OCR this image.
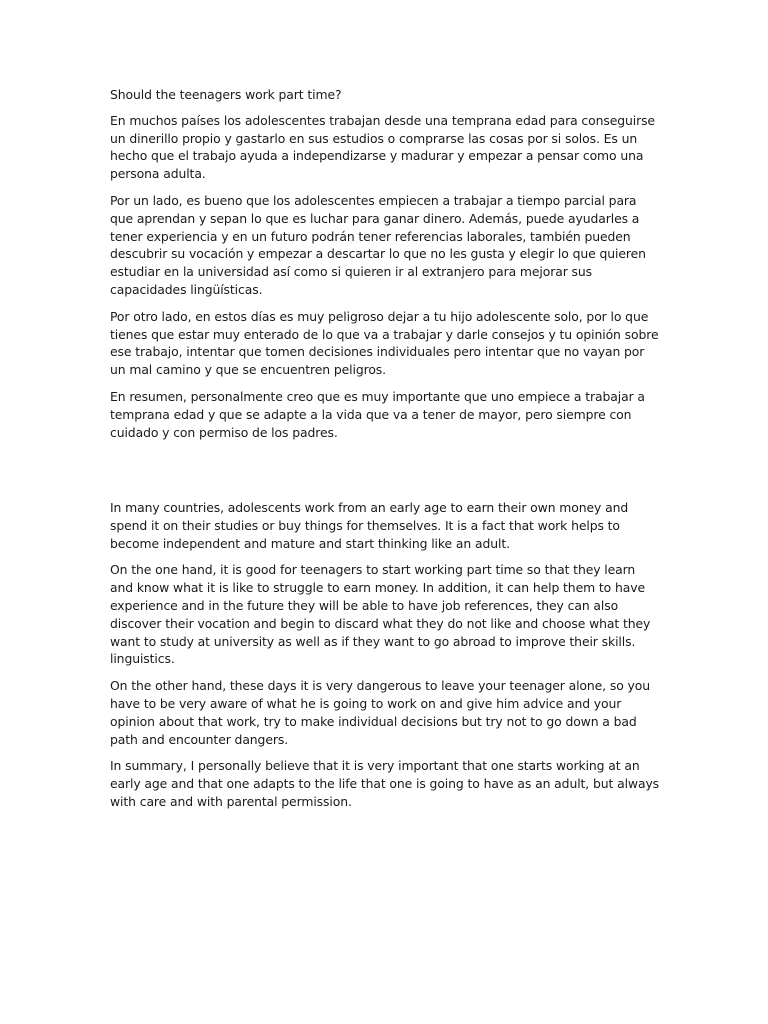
Should the teenagers work part time?

En muchos países los adolescentes trabajan desde una temprana edad para conseguirse un dinerillo propio y gastarlo en sus estudios o comprarse las cosas por si solos. Es un hecho que el trabajo ayuda a independizarse y madurar y empezar a pensar como una persona adulta.

Por un lado, es bueno que los adolescentes empiecen a trabajar a tiempo parcial para que aprendan y sepan lo que es luchar para ganar dinero. Además, puede ayudarles a tener experiencia y en un futuro podrán tener referencias laborales, también pueden descubrir su vocación y empezar a descartar lo que no les gusta y elegir lo que quieren estudiar en la universidad así como si quieren ir al extranjero para mejorar sus capacidades lingüísticas.

Por otro lado, en estos días es muy peligroso dejar a tu hijo adolescente solo, por lo que tienes que estar muy enterado de lo que va a trabajar y darle consejos y tu opinión sobre ese trabajo, intentar que tomen decisiones individuales pero intentar que no vayan por un mal camino y que se encuentren peligros.

En resumen, personalmente creo que es muy importante que uno empiece a trabajar a temprana edad y que se adapte a la vida que va a tener de mayor, pero siempre con cuidado y con permiso de los padres.

In many countries, adolescents work from an early age to earn their own money and spend it on their studies or buy things for themselves. It is a fact that work helps to become independent and mature and start thinking like an adult.

On the one hand, it is good for teenagers to start working part time so that they learn and know what it is like to struggle to earn money. In addition, it can help them to have experience and in the future they will be able to have job references, they can also discover their vocation and begin to discard what they do not like and choose what they want to study at university as well as if they want to go abroad to improve their skills. linguistics.

On the other hand, these days it is very dangerous to leave your teenager alone, so you have to be very aware of what he is going to work on and give him advice and your opinion about that work, try to make individual decisions but try not to go down a bad path and encounter dangers.

In summary, I personally believe that it is very important that one starts working at an early age and that one adapts to the life that one is going to have as an adult, but always with care and with parental permission.
